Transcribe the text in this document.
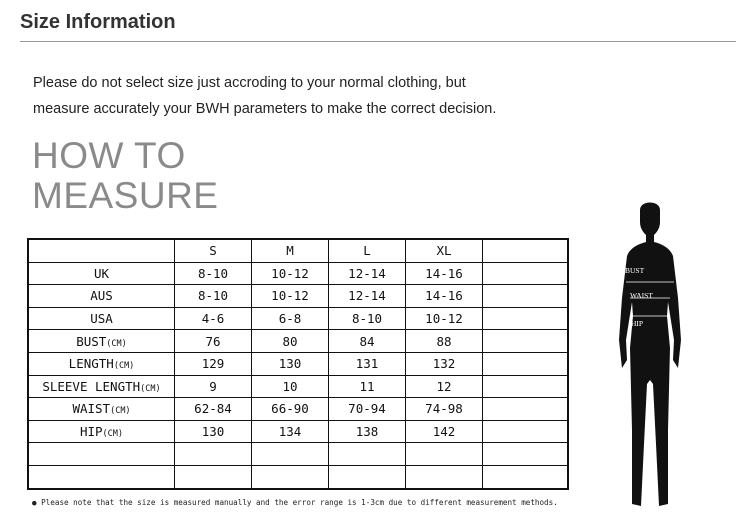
Size Information
Please do not select size just accroding to your normal clothing, but
measure accurately your BWH parameters to make the correct decision.
HOW TO
MEASURE
	S	M	L	XL	
UK	8-10	10-12	12-14	14-16	
AUS	8-10	10-12	12-14	14-16	
USA	4-6	6-8	8-10	10-12	
BUST(CM)	76	80	84	88	
LENGTH(CM)	129	130	131	132	
SLEEVE LENGTH(CM)	9	10	11	12	
WAIST(CM)	62-84	66-90	70-94	74-98	
HIP(CM)	130	134	138	142	

● Please note that the size is measured manually and the error range is 1-3cm due to different measurement methods.
BUST
WAIST
HIP
